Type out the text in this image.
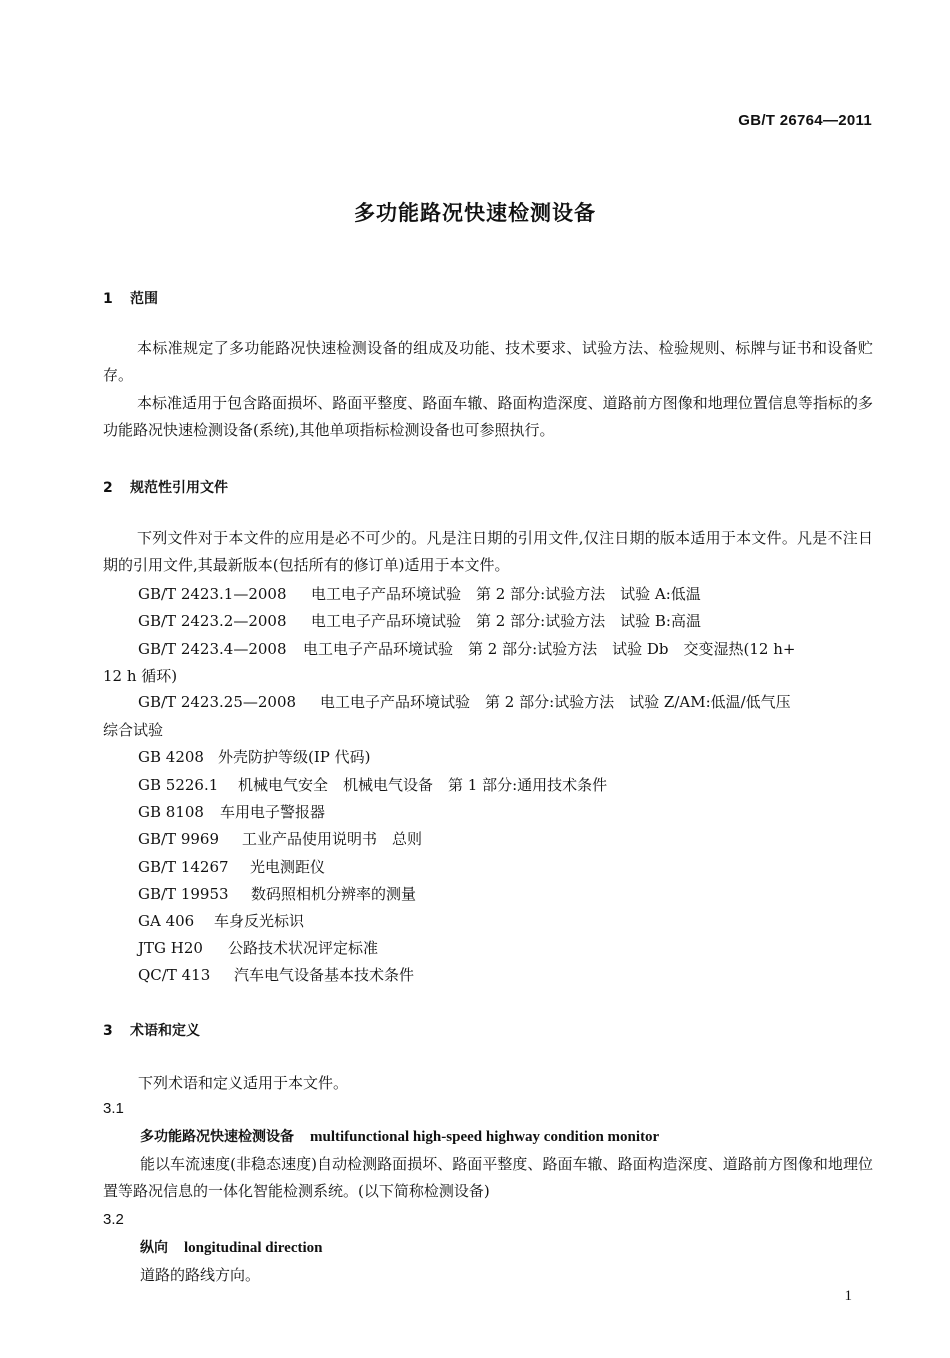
GB/T 26764—2011
多功能路况快速检测设备
1 范围
本标准规定了多功能路况快速检测设备的组成及功能、技术要求、试验方法、检验规则、标牌与证书和设备贮存。
本标准适用于包含路面损坏、路面平整度、路面车辙、路面构造深度、道路前方图像和地理位置信息等指标的多功能路况快速检测设备(系统),其他单项指标检测设备也可参照执行。
2 规范性引用文件
下列文件对于本文件的应用是必不可少的。凡是注日期的引用文件,仅注日期的版本适用于本文件。凡是不注日期的引用文件,其最新版本(包括所有的修订单)适用于本文件。
GB/T 2423.1—2008 电工电子产品环境试验　第 2 部分:试验方法　试验 A:低温
GB/T 2423.2—2008 电工电子产品环境试验　第 2 部分:试验方法　试验 B:高温
GB/T 2423.4—2008 电工电子产品环境试验　第 2 部分:试验方法　试验 Db　交变湿热(12 h+
12 h 循环)
GB/T 2423.25—2008 电工电子产品环境试验　第 2 部分:试验方法　试验 Z/AM:低温/低气压
综合试验
GB 4208 外壳防护等级(IP 代码)
GB 5226.1 机械电气安全　机械电气设备　第 1 部分:通用技术条件
GB 8108 车用电子警报器
GB/T 9969 工业产品使用说明书　总则
GB/T 14267 光电测距仪
GB/T 19953 数码照相机分辨率的测量
GA 406 车身反光标识
JTG H20 公路技术状况评定标准
QC/T 413 汽车电气设备基本技术条件
3 术语和定义
下列术语和定义适用于本文件。
3.1
多功能路况快速检测设备 multifunctional high-speed highway condition monitor
能以车流速度(非稳态速度)自动检测路面损坏、路面平整度、路面车辙、路面构造深度、道路前方图像和地理位置等路况信息的一体化智能检测系统。(以下简称检测设备)
3.2
纵向 longitudinal direction
道路的路线方向。
1
